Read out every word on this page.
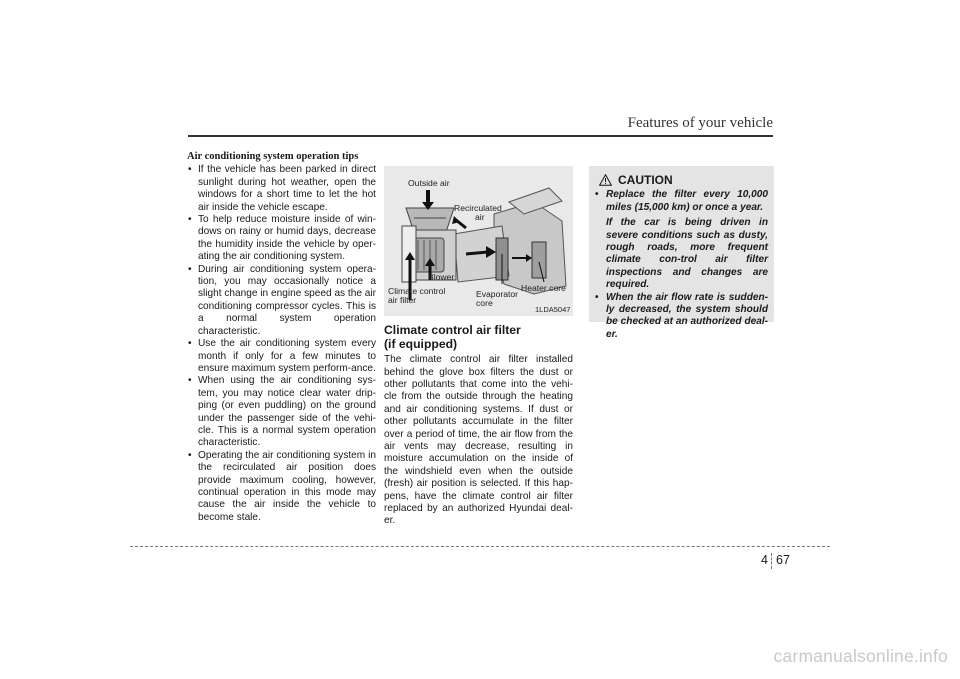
Features of your vehicle
Air conditioning system operation tips
• If the vehicle has been parked in direct sunlight during hot weather, open the windows for a short time to let the hot air inside the vehicle escape.
• To help reduce moisture inside of win-dows on rainy or humid days, decrease the humidity inside the vehicle by oper-ating the air conditioning system.
• During air conditioning system opera-tion, you may occasionally notice a slight change in engine speed as the air conditioning compressor cycles. This is a normal system operation characteristic.
• Use the air conditioning system every month if only for a few minutes to ensure maximum system perform-ance.
• When using the air conditioning sys-tem, you may notice clear water drip-ping (or even puddling) on the ground under the passenger side of the vehi-cle. This is a normal system operation characteristic.
• Operating the air conditioning system in the recirculated air position does provide maximum cooling, however, continual operation in this mode may cause the air inside the vehicle to become stale.
Outside air
Recirculated
air
Blower
Climate control
air filter
Evaporator
core
Heater core
1LDA5047
Climate control air filter
(if equipped)

The climate control air filter installed behind the glove box filters the dust or other pollutants that come into the vehi-cle from the outside through the heating and air conditioning systems. If dust or other pollutants accumulate in the filter over a period of time, the air flow from the air vents may decrease, resulting in moisture accumulation on the inside of the windshield even when the outside (fresh) air position is selected. If this hap-pens, have the climate control air filter replaced by an authorized Hyundai deal-er.

CAUTION

• Replace the filter every 10,000 miles (15,000 km) or once a year.

If the car is being driven in severe conditions such as dusty, rough roads, more frequent climate con-trol air filter inspections and changes are required.

• When the air flow rate is sudden-ly decreased, the system should be checked at an authorized deal-er.

4 67
carmanualsonline.info
